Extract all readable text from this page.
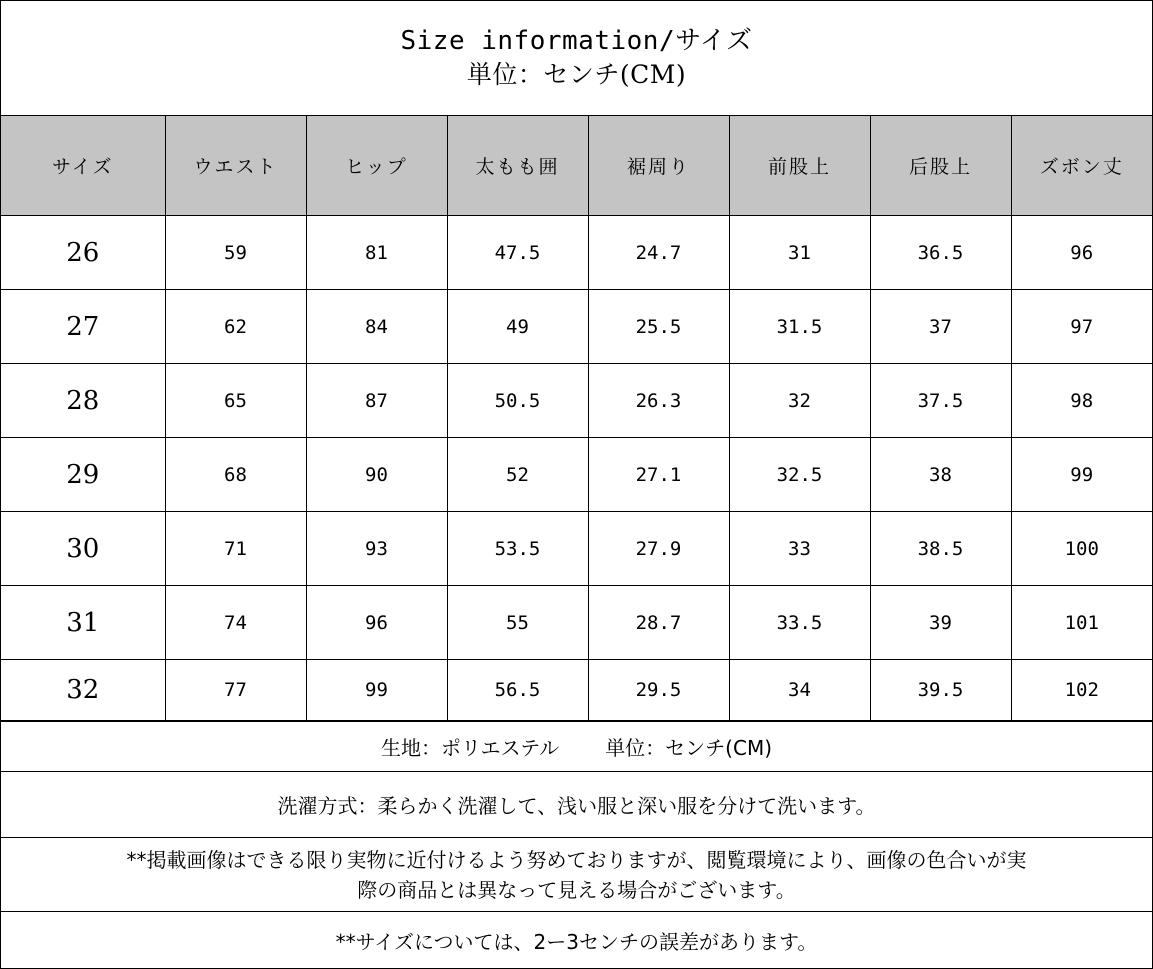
Size information/サイズ
単位：センチ(CM)
サイズ	ウエスト	ヒップ	太もも囲	裾周り	前股上	后股上	ズボン丈
26	59	81	47.5	24.7	31	36.5	96
27	62	84	49	25.5	31.5	37	97
28	65	87	50.5	26.3	32	37.5	98
29	68	90	52	27.1	32.5	38	99
30	71	93	53.5	27.9	33	38.5	100
31	74	96	55	28.7	33.5	39	101
32	77	99	56.5	29.5	34	39.5	102
生地：ポリエステル 単位：センチ(CM)
洗濯方式：柔らかく洗濯して、浅い服と深い服を分けて洗います。
**掲載画像はできる限り実物に近付けるよう努めておりますが、閲覧環境により、画像の色合いが実
際の商品とは異なって見える場合がございます。
**サイズについては、2ー3センチの誤差があります。
